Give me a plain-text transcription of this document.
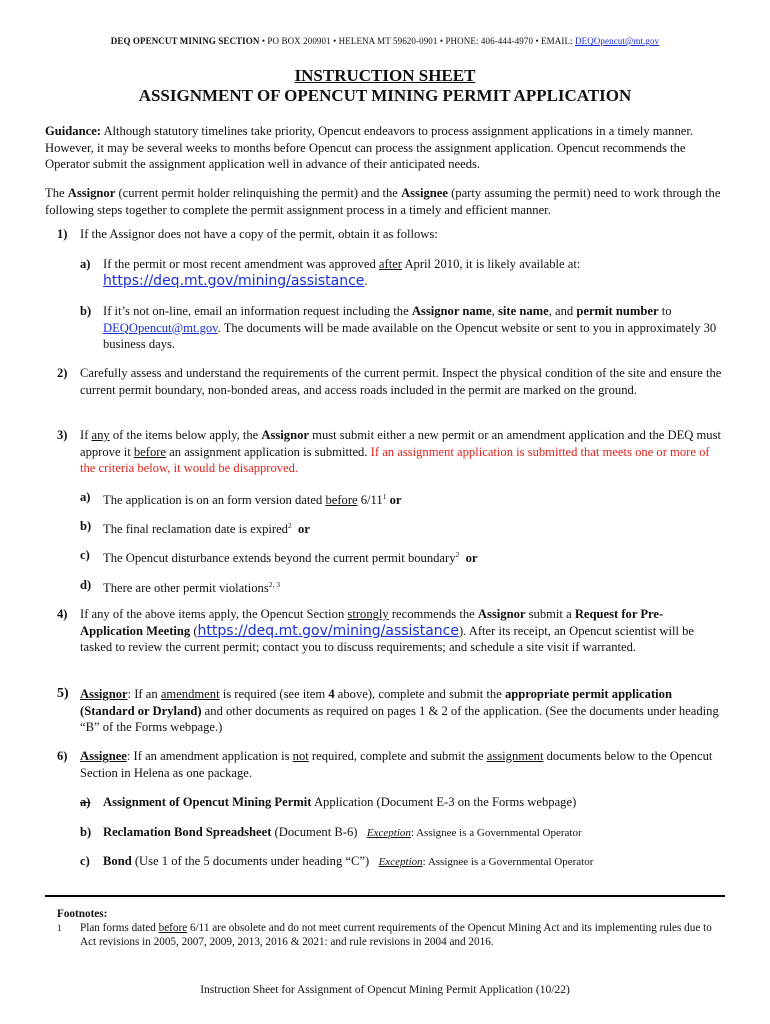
DEQ OPENCUT MINING SECTION • PO BOX 200901 • HELENA MT 59620-0901 • PHONE: 406-444-4970 • EMAIL: DEQOpencut@mt.gov
INSTRUCTION SHEET
ASSIGNMENT OF OPENCUT MINING PERMIT APPLICATION
Guidance: Although statutory timelines take priority, Opencut endeavors to process assignment applications in a timely manner. However, it may be several weeks to months before Opencut can process the assignment application. Opencut recommends the Operator submit the assignment application well in advance of their anticipated needs.
The Assignor (current permit holder relinquishing the permit) and the Assignee (party assuming the permit) need to work through the following steps together to complete the permit assignment process in a timely and efficient manner.
1) If the Assignor does not have a copy of the permit, obtain it as follows:
a) If the permit or most recent amendment was approved after April 2010, it is likely available at:
https://deq.mt.gov/mining/assistance.
b) If it’s not on-line, email an information request including the Assignor name, site name, and permit number to DEQOpencut@mt.gov. The documents will be made available on the Opencut website or sent to you in approximately 30 business days.
2) Carefully assess and understand the requirements of the current permit. Inspect the physical condition of the site and ensure the current permit boundary, non-bonded areas, and access roads included in the permit are marked on the ground.
3) If any of the items below apply, the Assignor must submit either a new permit or an amendment application and the DEQ must approve it before an assignment application is submitted. If an assignment application is submitted that meets one or more of the criteria below, it would be disapproved.
a) The application is on an form version dated before $6/11^1$ or
b) The final reclamation date is expired$^2$ or
c) The Opencut disturbance extends beyond the current permit boundary$^2$ or
d) There are other permit violations$^{2, 3}$
4) If any of the above items apply, the Opencut Section strongly recommends the Assignor submit a Request for Pre-Application Meeting (https://deq.mt.gov/mining/assistance). After its receipt, an Opencut scientist will be tasked to review the current permit; contact you to discuss requirements; and schedule a site visit if warranted.
5) Assignor: If an amendment is required (see item 4 above), complete and submit the appropriate permit application (Standard or Dryland) and other documents as required on pages 1 & 2 of the application. (See the documents under heading “B” of the Forms webpage.)
6) Assignee: If an amendment application is not required, complete and submit the assignment documents below to the Opencut Section in Helena as one package.
a) Assignment of Opencut Mining Permit Application (Document E-3 on the Forms webpage)
b) Reclamation Bond Spreadsheet (Document B-6) Exception: Assignee is a Governmental Operator
c) Bond (Use 1 of the 5 documents under heading “C”) Exception: Assignee is a Governmental Operator
Footnotes:
1 Plan forms dated before 6/11 are obsolete and do not meet current requirements of the Opencut Mining Act and its implementing rules due to Act revisions in 2005, 2007, 2009, 2013, 2016 & 2021: and rule revisions in 2004 and 2016.
Instruction Sheet for Assignment of Opencut Mining Permit Application (10/22)
